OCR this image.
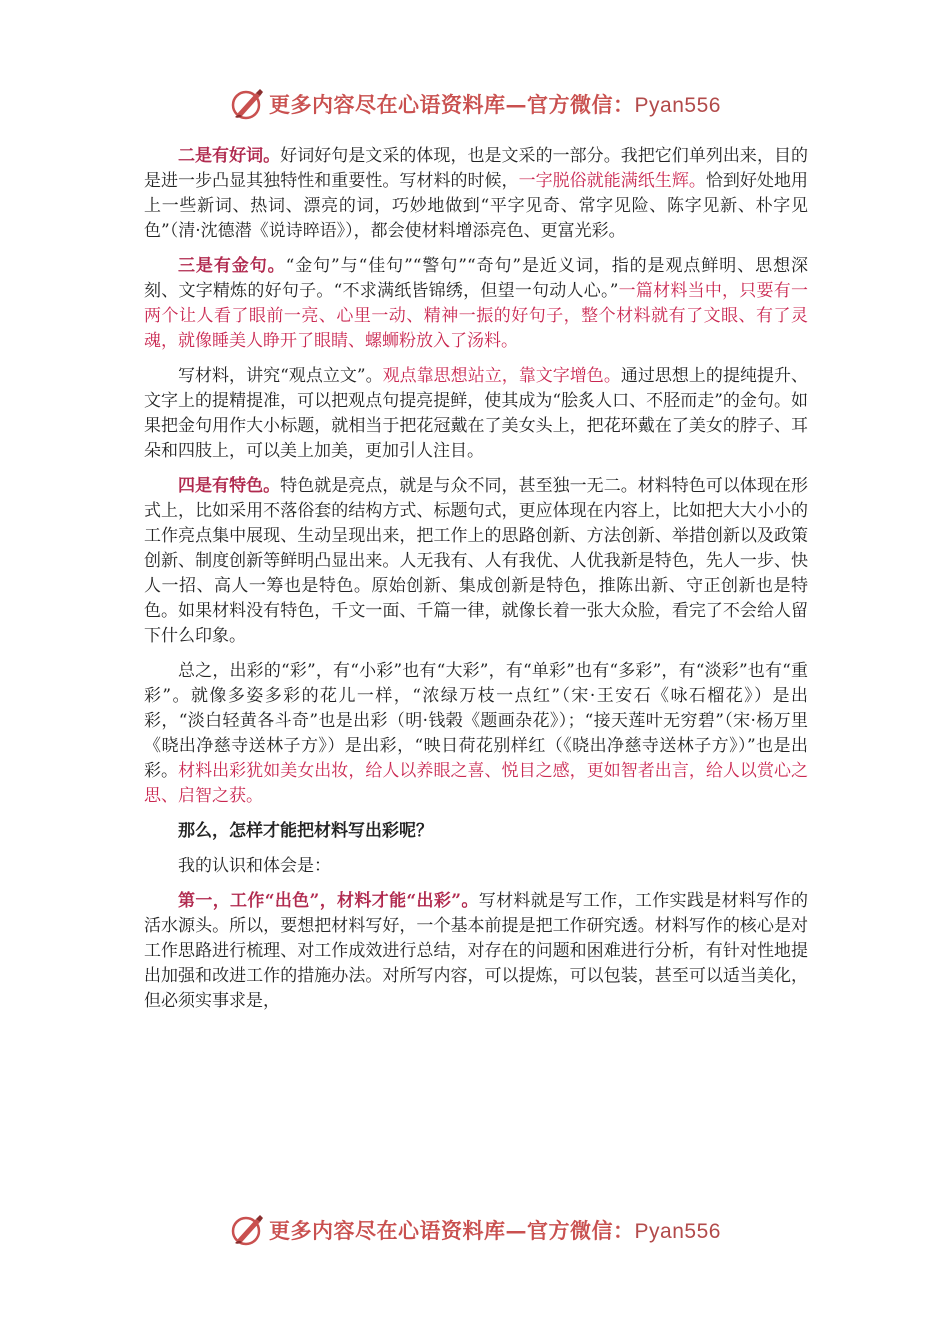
更多内容尽在心语资料库—官方微信：Pyan556

二是有好词。好词好句是文采的体现，也是文采的一部分。我把它们单列出来，目的是进一步凸显其独特性和重要性。写材料的时候，一字脱俗就能满纸生辉。恰到好处地用上一些新词、热词、漂亮的词，巧妙地做到“平字见奇、常字见险、陈字见新、朴字见色”（清·沈德潜《说诗晬语》），都会使材料增添亮色、更富光彩。

三是有金句。“金句”与“佳句”“警句”“奇句”是近义词，指的是观点鲜明、思想深刻、文字精炼的好句子。“不求满纸皆锦绣，但望一句动人心。”一篇材料当中，只要有一两个让人看了眼前一亮、心里一动、精神一振的好句子，整个材料就有了文眼、有了灵魂，就像睡美人睁开了眼睛、螺蛳粉放入了汤料。

写材料，讲究“观点立文”。观点靠思想站立，靠文字增色。通过思想上的提纯提升、文字上的提精提准，可以把观点句提亮提鲜，使其成为“脍炙人口、不胫而走”的金句。如果把金句用作大小标题，就相当于把花冠戴在了美女头上，把花环戴在了美女的脖子、耳朵和四肢上，可以美上加美，更加引人注目。

四是有特色。特色就是亮点，就是与众不同，甚至独一无二。材料特色可以体现在形式上，比如采用不落俗套的结构方式、标题句式，更应体现在内容上，比如把大大小小的工作亮点集中展现、生动呈现出来，把工作上的思路创新、方法创新、举措创新以及政策创新、制度创新等鲜明凸显出来。人无我有、人有我优、人优我新是特色，先人一步、快人一招、高人一筹也是特色。原始创新、集成创新是特色，推陈出新、守正创新也是特色。如果材料没有特色，千文一面、千篇一律，就像长着一张大众脸，看完了不会给人留下什么印象。

总之，出彩的“彩”，有“小彩”也有“大彩”，有“单彩”也有“多彩”，有“淡彩”也有“重彩”。就像多姿多彩的花儿一样，“浓绿万枝一点红”（宋·王安石《咏石榴花》）是出彩，“淡白轻黄各斗奇”也是出彩（明·钱榖《题画杂花》）；“接天莲叶无穷碧”（宋·杨万里《晓出净慈寺送林子方》）是出彩，“映日荷花别样红（《晓出净慈寺送林子方》）”也是出彩。材料出彩犹如美女出妆，给人以养眼之喜、悦目之感，更如智者出言，给人以赏心之思、启智之获。

那么，怎样才能把材料写出彩呢？

我的认识和体会是：

第一，工作“出色”，材料才能“出彩”。写材料就是写工作，工作实践是材料写作的活水源头。所以，要想把材料写好，一个基本前提是把工作研究透。材料写作的核心是对工作思路进行梳理、对工作成效进行总结，对存在的问题和困难进行分析，有针对性地提出加强和改进工作的措施办法。对所写内容，可以提炼，可以包装，甚至可以适当美化，但必须实事求是，

更多内容尽在心语资料库—官方微信：Pyan556
